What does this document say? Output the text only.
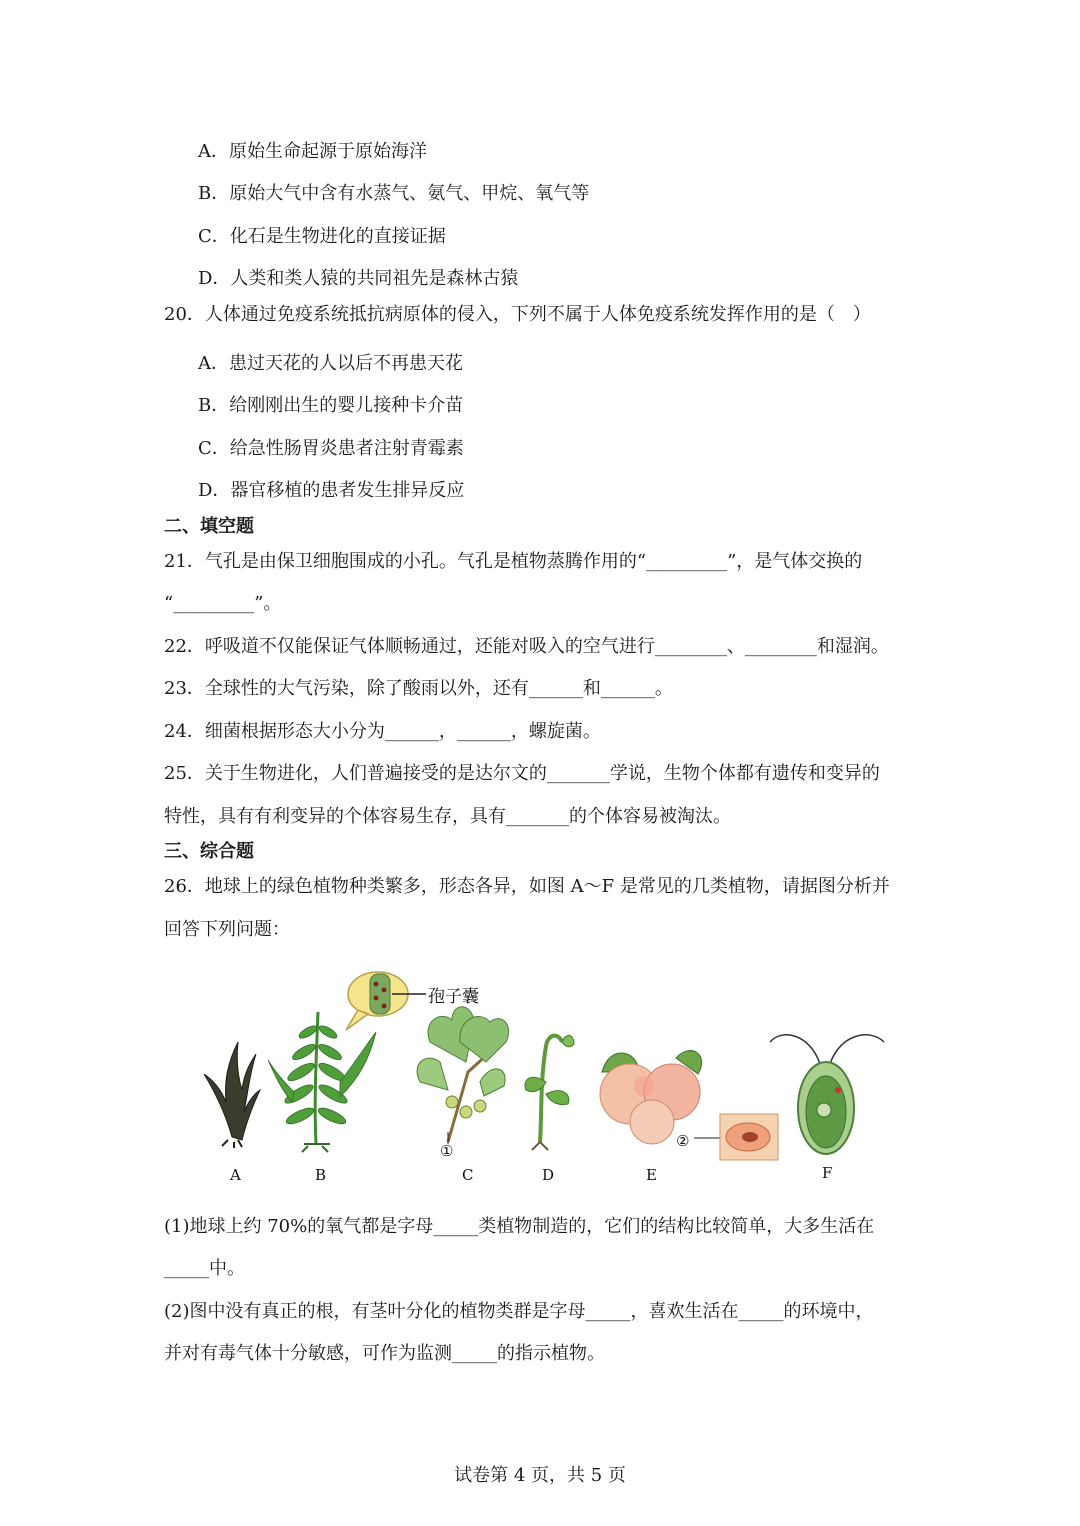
A．原始生命起源于原始海洋
B．原始大气中含有水蒸气、氨气、甲烷、氧气等
C．化石是生物进化的直接证据
D．人类和类人猿的共同祖先是森林古猿
20．人体通过免疫系统抵抗病原体的侵入，下列不属于人体免疫系统发挥作用的是（　）
A．患过天花的人以后不再患天花
B．给刚刚出生的婴儿接种卡介苗
C．给急性肠胃炎患者注射青霉素
D．器官移植的患者发生排异反应
二、填空题
21．气孔是由保卫细胞围成的小孔。气孔是植物蒸腾作用的“_________”，是气体交换的
“_________”。
22．呼吸道不仅能保证气体顺畅通过，还能对吸入的空气进行________、________和湿润。
23．全球性的大气污染，除了酸雨以外，还有______和______。
24．细菌根据形态大小分为______，______，螺旋菌。
25．关于生物进化，人们普遍接受的是达尔文的_______学说，生物个体都有遗传和变异的
特性，具有有利变异的个体容易生存，具有_______的个体容易被淘汰。
三、综合题
26．地球上的绿色植物种类繁多，形态各异，如图 A～F 是常见的几类植物，请据图分析并
回答下列问题：
孢子囊
①
②
A	B	C	D	E	F
(1)地球上约 70%的氧气都是字母_____类植物制造的，它们的结构比较简单，大多生活在
_____中。
(2)图中没有真正的根，有茎叶分化的植物类群是字母_____，喜欢生活在_____的环境中，
并对有毒气体十分敏感，可作为监测_____的指示植物。
试卷第 4 页，共 5 页
